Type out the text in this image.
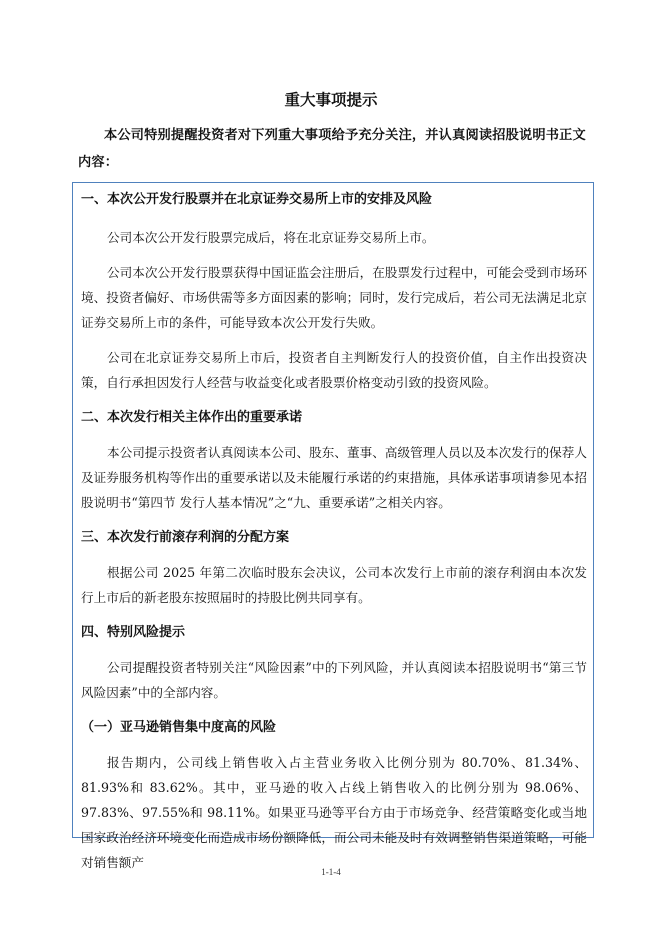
重大事项提示
本公司特别提醒投资者对下列重大事项给予充分关注，并认真阅读招股说明书正文内容：
一、本次公开发行股票并在北京证券交易所上市的安排及风险
公司本次公开发行股票完成后，将在北京证券交易所上市。
公司本次公开发行股票获得中国证监会注册后，在股票发行过程中，可能会受到市场环境、投资者偏好、市场供需等多方面因素的影响；同时，发行完成后，若公司无法满足北京证券交易所上市的条件，可能导致本次公开发行失败。
公司在北京证券交易所上市后，投资者自主判断发行人的投资价值，自主作出投资决策，自行承担因发行人经营与收益变化或者股票价格变动引致的投资风险。
二、本次发行相关主体作出的重要承诺
本公司提示投资者认真阅读本公司、股东、董事、高级管理人员以及本次发行的保荐人及证券服务机构等作出的重要承诺以及未能履行承诺的约束措施，具体承诺事项请参见本招股说明书“第四节 发行人基本情况”之“九、重要承诺”之相关内容。
三、本次发行前滚存利润的分配方案
根据公司 2025 年第二次临时股东会决议，公司本次发行上市前的滚存利润由本次发行上市后的新老股东按照届时的持股比例共同享有。
四、特别风险提示
公司提醒投资者特别关注“风险因素”中的下列风险，并认真阅读本招股说明书“第三节 风险因素”中的全部内容。
（一）亚马逊销售集中度高的风险
报告期内，公司线上销售收入占主营业务收入比例分别为 80.70%、81.34%、81.93%和 83.62%。其中，亚马逊的收入占线上销售收入的比例分别为 98.06%、97.83%、97.55%和 98.11%。如果亚马逊等平台方由于市场竞争、经营策略变化或当地国家政治经济环境变化而造成市场份额降低，而公司未能及时有效调整销售渠道策略，可能对销售额产
1-1-4
